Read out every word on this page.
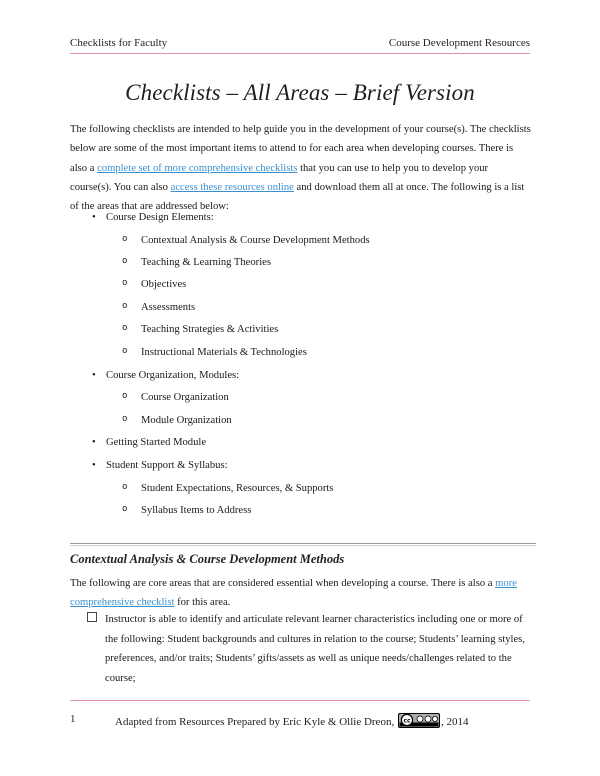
Checklists for Faculty	Course Development Resources
Checklists – All Areas – Brief Version
The following checklists are intended to help guide you in the development of your course(s). The checklists below are some of the most important items to attend to for each area when developing courses. There is also a complete set of more comprehensive checklists that you can use to help you to develop your course(s). You can also access these resources online and download them all at once. The following is a list of the areas that are addressed below:
• Course Design Elements:
o Contextual Analysis & Course Development Methods
o Teaching & Learning Theories
o Objectives
o Assessments
o Teaching Strategies & Activities
o Instructional Materials & Technologies
• Course Organization, Modules:
o Course Organization
o Module Organization
• Getting Started Module
• Student Support & Syllabus:
o Student Expectations, Resources, & Supports
o Syllabus Items to Address
Contextual Analysis & Course Development Methods
The following are core areas that are considered essential when developing a course. There is also a more comprehensive checklist for this area.
Instructor is able to identify and articulate relevant learner characteristics including one or more of the following: Student backgrounds and cultures in relation to the course; Students’ learning styles, preferences, and/or traits; Students’ gifts/assets as well as unique needs/challenges related to the course;
1	Adapted from Resources Prepared by Eric Kyle & Ollie Dreon, cc	, 2014
